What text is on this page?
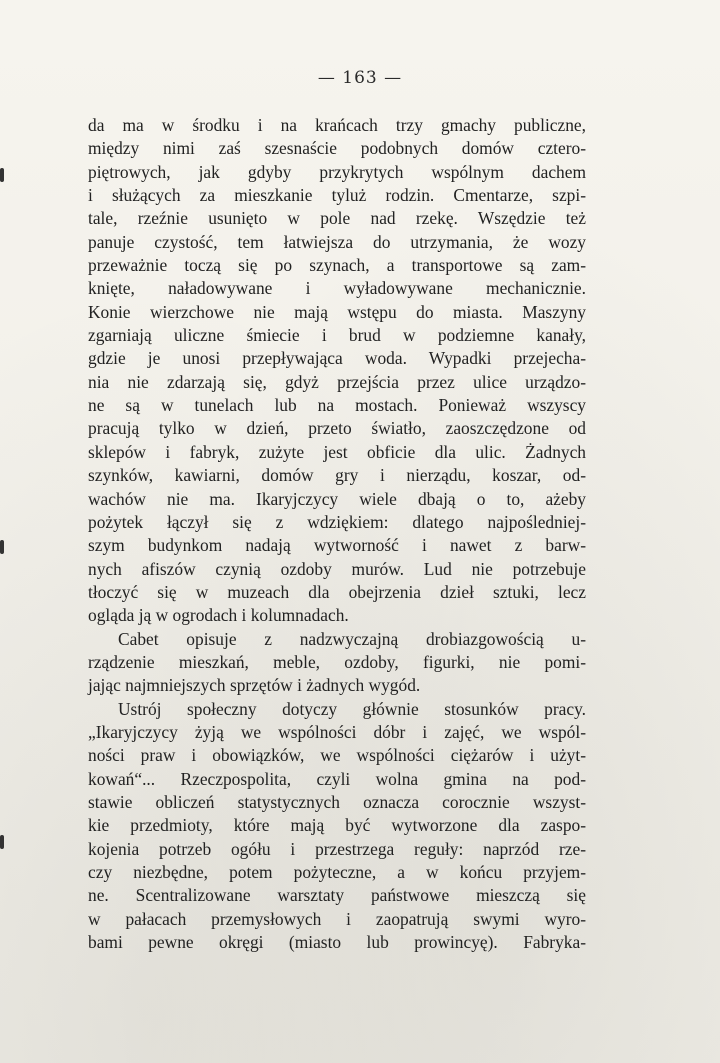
— 163 —
da ma w środku i na krańcach trzy gmachy publiczne,
między nimi zaś szesnaście podobnych domów cztero-
piętrowych, jak gdyby przykrytych wspólnym dachem
i służących za mieszkanie tyluż rodzin. Cmentarze, szpi-
tale, rzeźnie usunięto w pole nad rzekę. Wszędzie też
panuje czystość, tem łatwiejsza do utrzymania, że wozy
przeważnie toczą się po szynach, a transportowe są zam-
knięte, naładowywane i wyładowywane mechanicznie.
Konie wierzchowe nie mają wstępu do miasta. Maszyny
zgarniają uliczne śmiecie i brud w podziemne kanały,
gdzie je unosi przepływająca woda. Wypadki przejecha-
nia nie zdarzają się, gdyż przejścia przez ulice urządzo-
ne są w tunelach lub na mostach. Ponieważ wszyscy
pracują tylko w dzień, przeto światło, zaoszczędzone od
sklepów i fabryk, zużyte jest obficie dla ulic. Żadnych
szynków, kawiarni, domów gry i nierządu, koszar, od-
wachów nie ma. Ikaryjczycy wiele dbają o to, ażeby
pożytek łączył się z wdziękiem: dlatego najpośledniej-
szym budynkom nadają wytworność i nawet z barw-
nych afiszów czynią ozdoby murów. Lud nie potrzebuje
tłoczyć się w muzeach dla obejrzenia dzieł sztuki, lecz
ogląda ją w ogrodach i kolumnadach.
Cabet opisuje z nadzwyczajną drobiazgowością u-
rządzenie mieszkań, meble, ozdoby, figurki, nie pomi-
jając najmniejszych sprzętów i żadnych wygód.
Ustrój społeczny dotyczy głównie stosunków pracy.
„Ikaryjczycy żyją we wspólności dóbr i zajęć, we wspól-
ności praw i obowiązków, we wspólności ciężarów i użyt-
kowań“... Rzeczpospolita, czyli wolna gmina na pod-
stawie obliczeń statystycznych oznacza corocznie wszyst-
kie przedmioty, które mają być wytworzone dla zaspo-
kojenia potrzeb ogółu i przestrzega reguły: naprzód rze-
czy niezbędne, potem pożyteczne, a w końcu przyjem-
ne. Scentralizowane warsztaty państwowe mieszczą się
w pałacach przemysłowych i zaopatrują swymi wyro-
bami pewne okręgi (miasto lub prowincyę). Fabryka-
